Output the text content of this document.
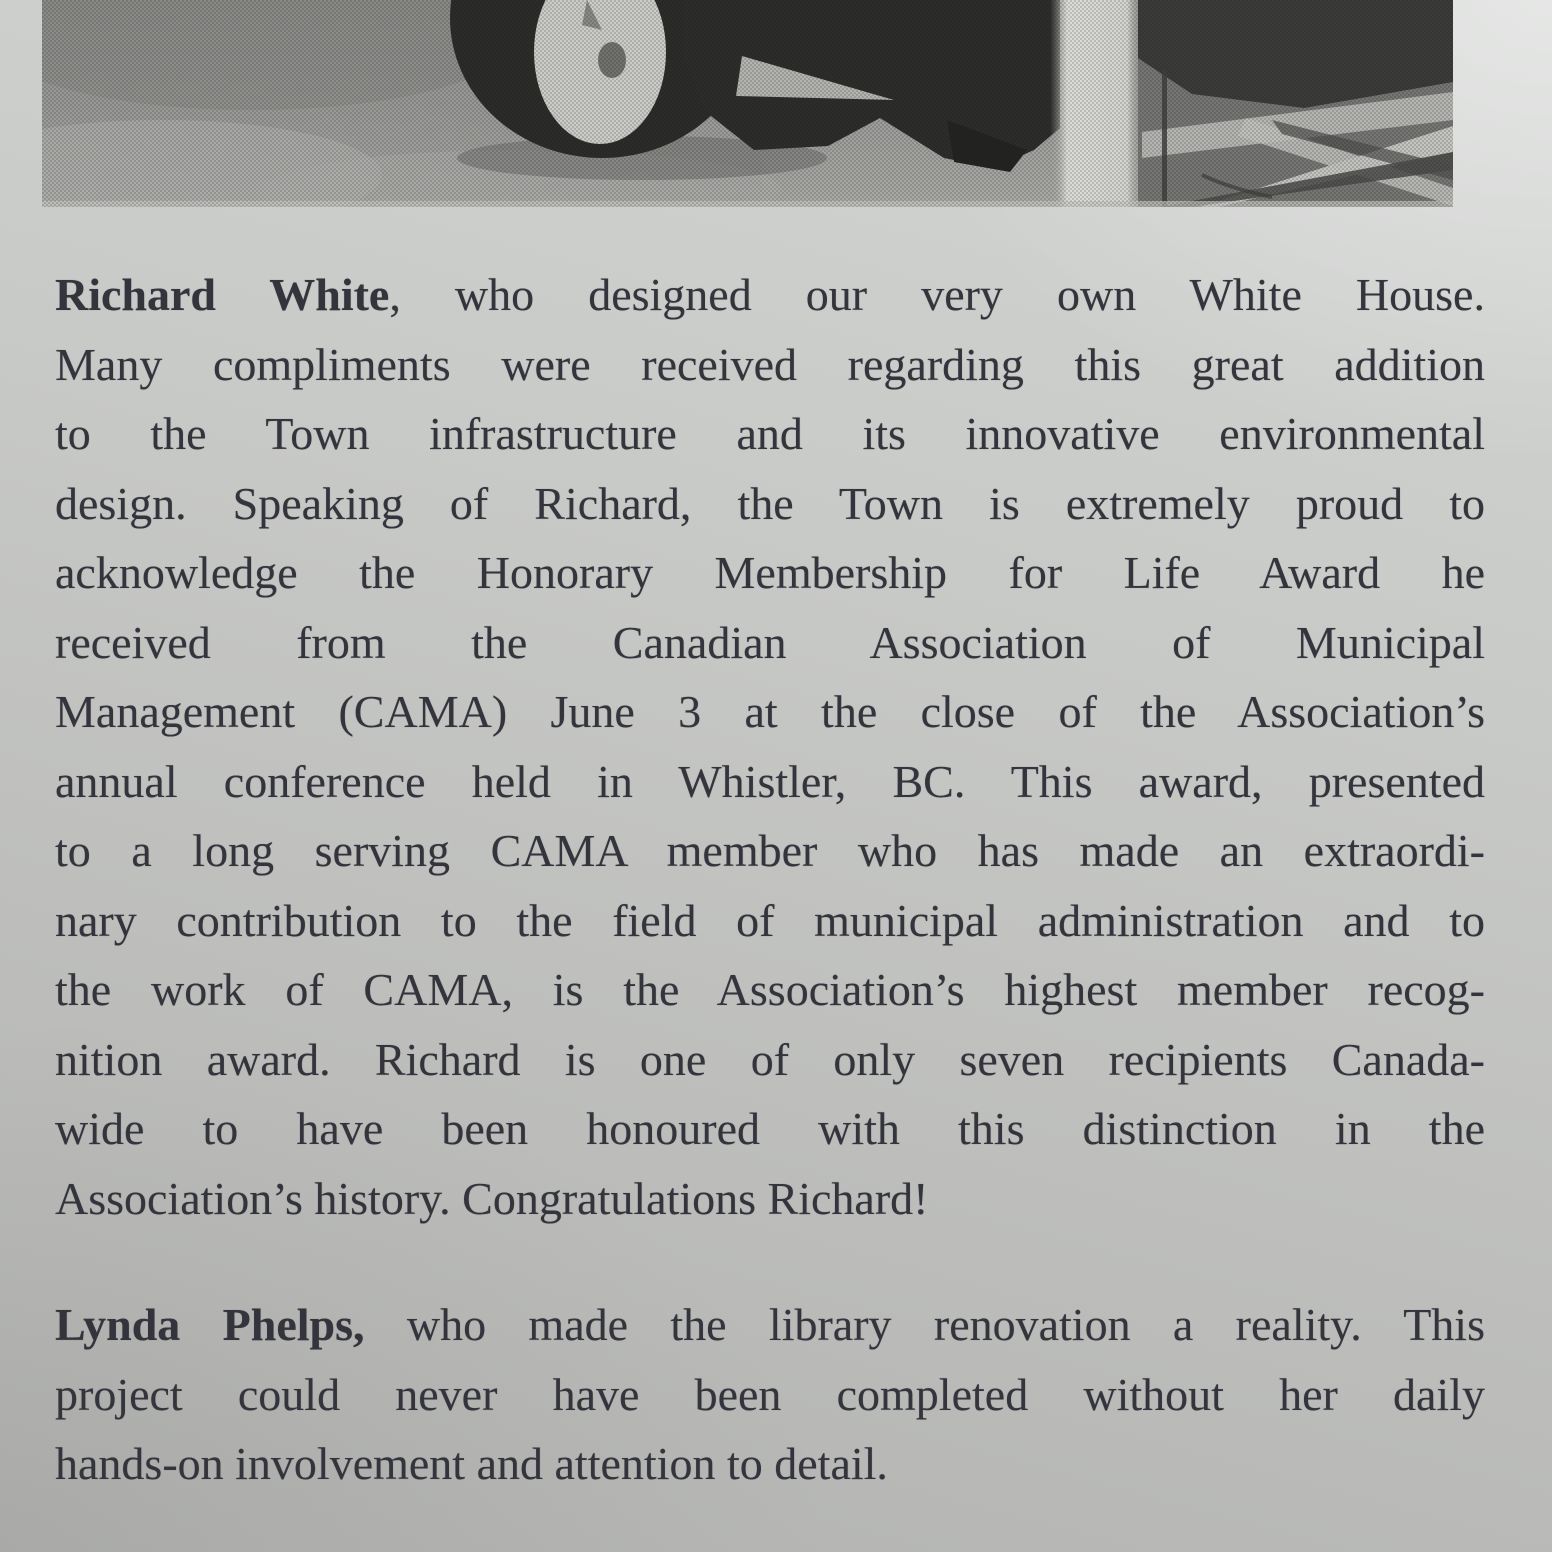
Richard White, who designed our very own White House.
Many compliments were received regarding this great addition
to the Town infrastructure and its innovative environmental
design. Speaking of Richard, the Town is extremely proud to
acknowledge the Honorary Membership for Life Award he
received from the Canadian Association of Municipal
Management (CAMA) June 3 at the close of the Association’s
annual conference held in Whistler, BC. This award, presented
to a long serving CAMA member who has made an extraordi-
nary contribution to the field of municipal administration and to
the work of CAMA, is the Association’s highest member recog-
nition award. Richard is one of only seven recipients Canada-
wide to have been honoured with this distinction in the
Association’s history. Congratulations Richard!
Lynda Phelps, who made the library renovation a reality. This
project could never have been completed without her daily
hands-on involvement and attention to detail.
